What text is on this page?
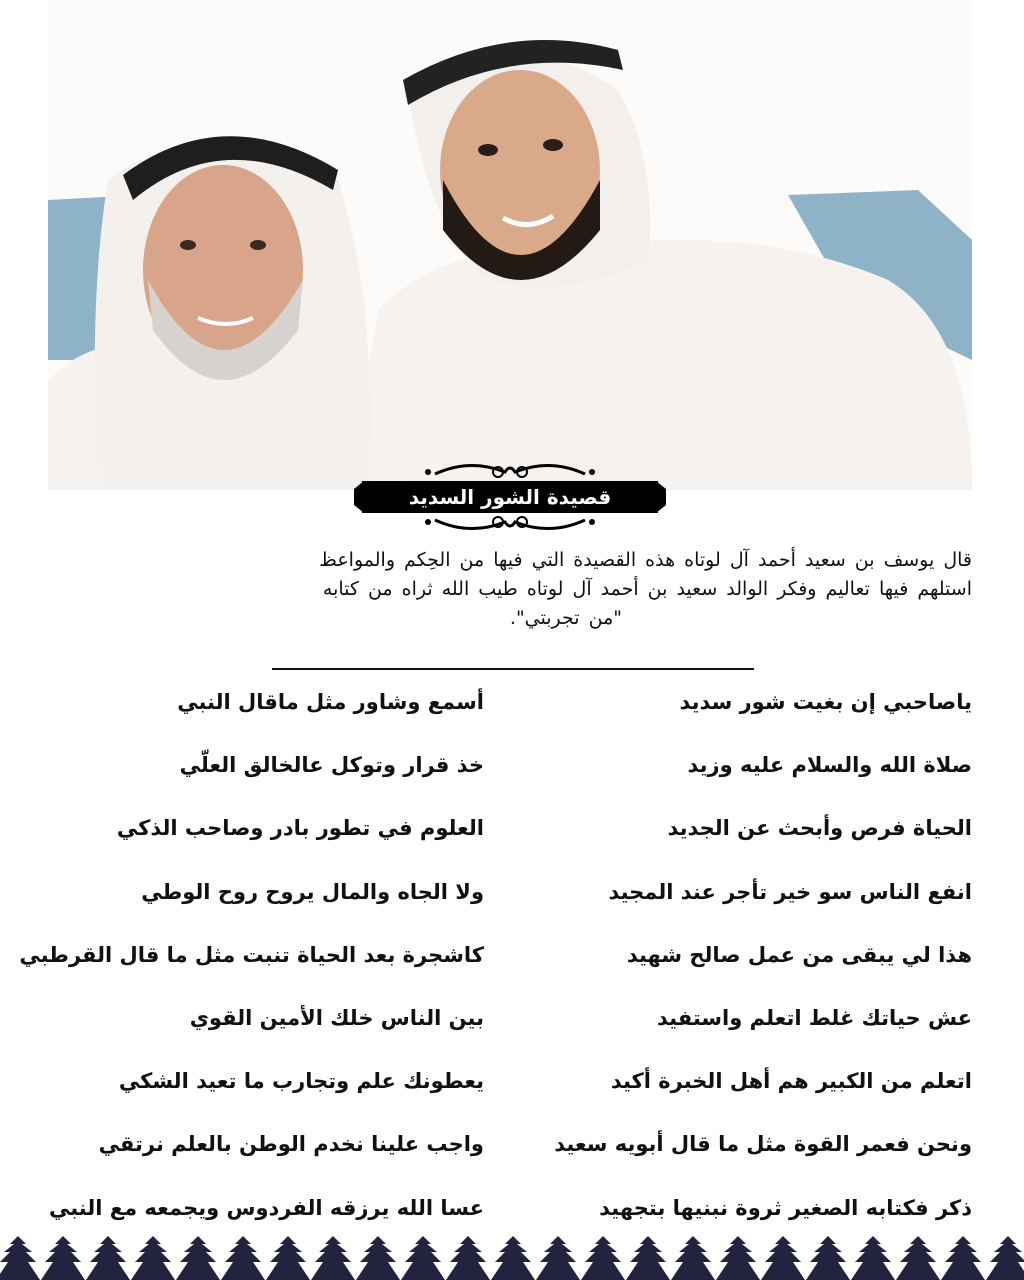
قصيدة الشور السديد

قال يوسف بن سعيد أحمد آل لوتاه هذه القصيدة التي فيها من الحِكم والمواعظ

استلهم فيها تعاليم وفكر الوالد سعيد بن أحمد آل لوتاه طيب الله ثراه من كتابه

"من تجربتي".

ياصاحبي إن بغيت شور سديد
صلاة الله والسلام عليه وزيد
الحياة فرص وأبحث عن الجديد
انفع الناس سو خير تأجر عند المجيد
هذا لي يبقى من عمل صالح شهيد
عش حياتك غلط اتعلم واستفيد
اتعلم من الكبير هم أهل الخبرة أكيد
ونحن فعمر القوة مثل ما قال أبويه سعيد
ذكر فكتابه الصغير ثروة نبنيها بتجهيد
أسمع وشاور مثل ماقال النبي
خذ قرار وتوكل عالخالق العلّي
العلوم في تطور بادر وصاحب الذكي
ولا الجاه والمال يروح روح الوطي
كاشجرة بعد الحياة تنبت مثل ما قال القرطبي
بين الناس خلك الأمين القوي
يعطونك علم وتجارب ما تعيد الشكي
واجب علينا نخدم الوطن بالعلم نرتقي
عسا الله يرزقه الفردوس ويجمعه مع النبي
